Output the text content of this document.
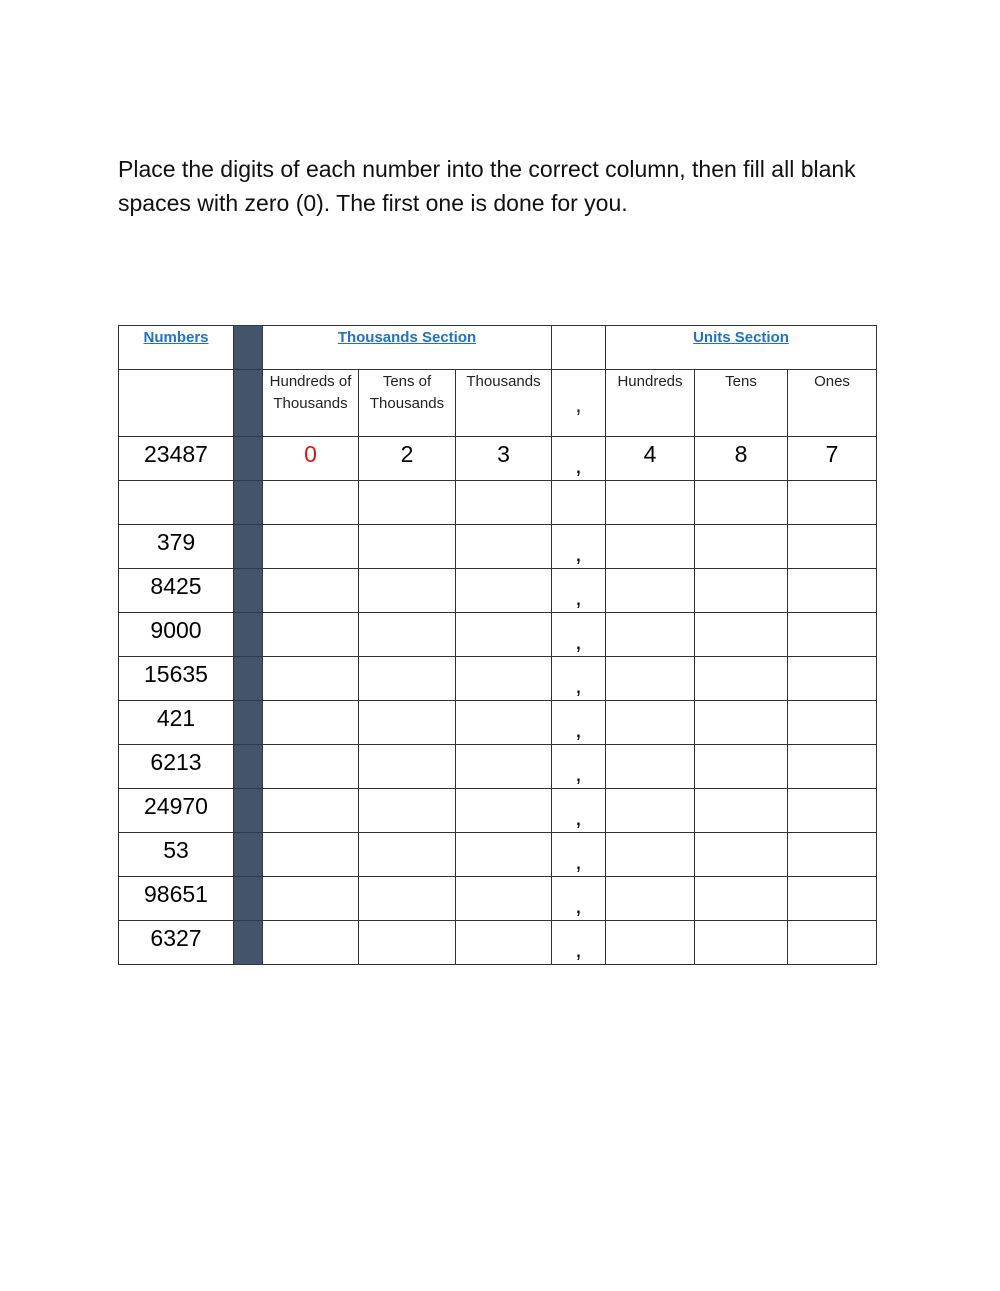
Place the digits of each number into the correct column, then fill all blank spaces with zero (0). The first one is done for you.
Numbers		Thousands Section				Units Section		

		Hundreds of Thousands	Tens of Thousands	Thousands	,	Hundreds	Tens	Ones

23487		0	2	3	,	4	8	7

379					,			

8425					,			

9000					,			

15635					,			

421					,			

6213					,			

24970					,			

53					,			

98651					,			

6327					,			
